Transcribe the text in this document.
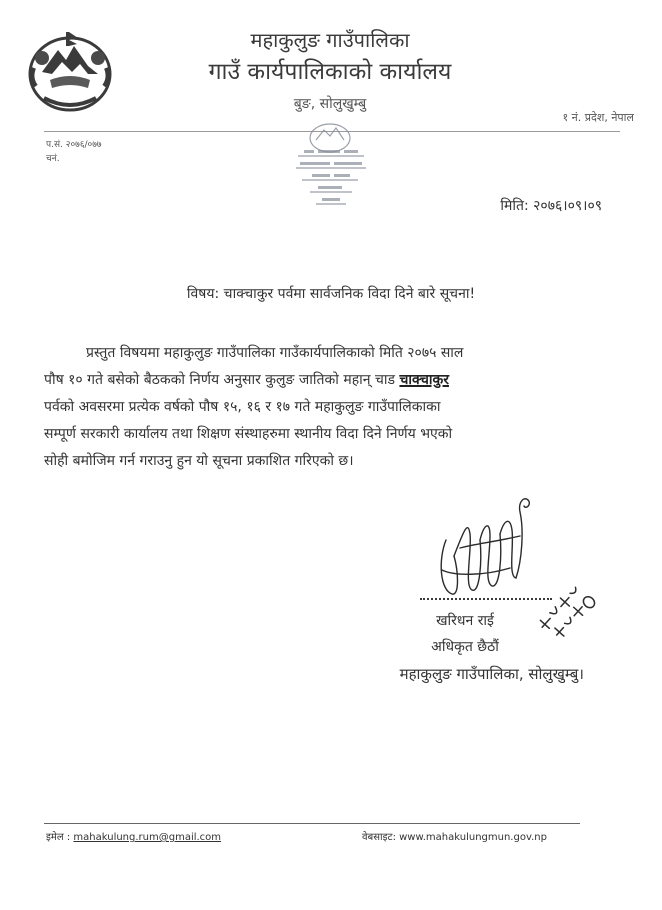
महाकुलुङ गाउँपालिका
गाउँ कार्यपालिकाको कार्यालय
बुङ, सोलुखुम्बु
१ नं. प्रदेश, नेपाल
प.सं. २०७६/०७७
चनं.
मिति: २०७६।०९।०९
विषय: चाक्चाकुर पर्वमा सार्वजनिक विदा दिने बारे सूचना!
प्रस्तुत विषयमा महाकुलुङ गाउँपालिका गाउँकार्यपालिकाको मिति २०७५ साल
पौष १० गते बसेको बैठकको निर्णय अनुसार कुलुङ जातिको महान् चाड चाक्चाकुर
पर्वको अवसरमा प्रत्येक वर्षको पौष १५, १६ र १७ गते महाकुलुङ गाउँपालिकाका
सम्पूर्ण सरकारी कार्यालय तथा शिक्षण संस्थाहरुमा स्थानीय विदा दिने निर्णय भएको
सोही बमोजिम गर्न गराउनु हुन यो सूचना प्रकाशित गरिएको छ।
खरिधन राई
अधिकृत छैठौं
महाकुलुङ गाउँपालिका, सोलुखुम्बु।
इमेल : mahakulung.rum@gmail.com	वेबसाइट: www.mahakulungmun.gov.np
